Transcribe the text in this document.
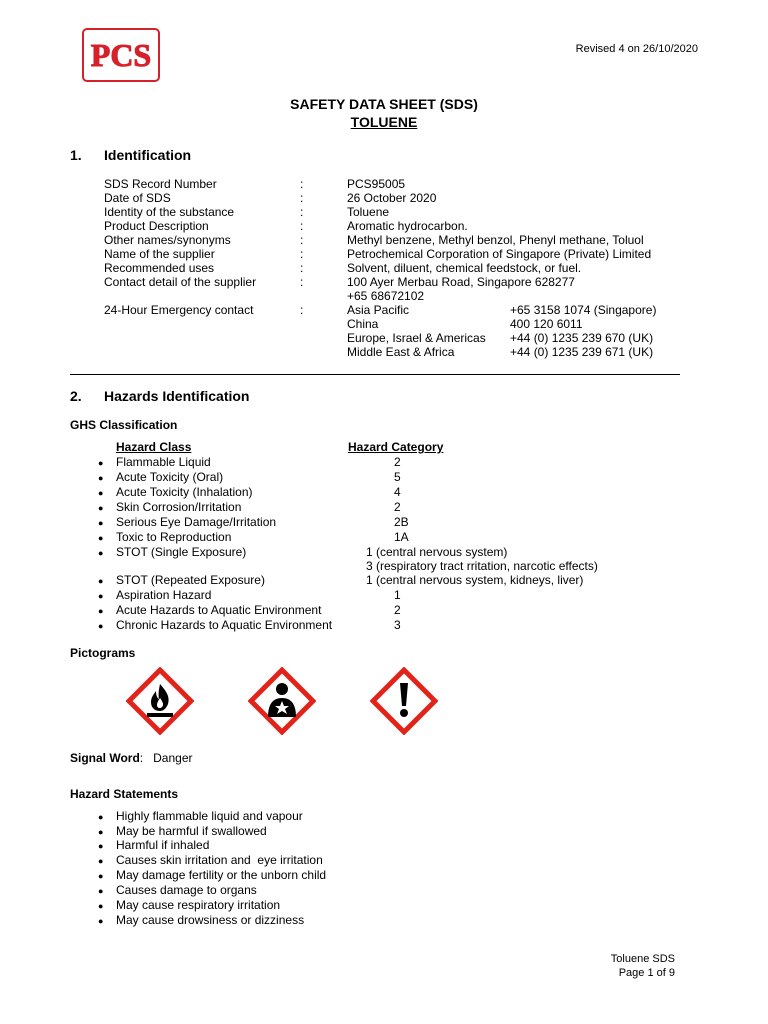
PCS	Revised 4 on 26/10/2020
SAFETY DATA SHEET (SDS)
TOLUENE
1. Identification
SDS Record Number	:	PCS95005
Date of SDS	:	26 October 2020
Identity of the substance	:	Toluene
Product Description	:	Aromatic hydrocarbon.
Other names/synonyms	:	Methyl benzene, Methyl benzol, Phenyl methane, Toluol
Name of the supplier	:	Petrochemical Corporation of Singapore (Private) Limited
Recommended uses	:	Solvent, diluent, chemical feedstock, or fuel.
Contact detail of the supplier	:	100 Ayer Merbau Road, Singapore 628277
+65 68672102
24-Hour Emergency contact	:	Asia Pacific	+65 3158 1074 (Singapore)
China	400 120 6011
Europe, Israel & Americas +44 (0) 1235 239 670 (UK)
Middle East & Africa	+44 (0) 1235 239 671 (UK)
2. Hazards Identification
GHS Classification
Hazard Class	Hazard Category
● Flammable Liquid	2
● Acute Toxicity (Oral)	5
● Acute Toxicity (Inhalation)	4
● Skin Corrosion/Irritation	2
● Serious Eye Damage/Irritation	2B
● Toxic to Reproduction	1A
● STOT (Single Exposure)	1 (central nervous system)
3 (respiratory tract rritation, narcotic effects)
● STOT (Repeated Exposure)	1 (central nervous system, kidneys, liver)
● Aspiration Hazard	1
● Acute Hazards to Aquatic Environment	2
● Chronic Hazards to Aquatic Environment	3
Pictograms
Signal Word: Danger
Hazard Statements
● Highly flammable liquid and vapour
● May be harmful if swallowed
● Harmful if inhaled
● Causes skin irritation and  eye irritation
● May damage fertility or the unborn child
● Causes damage to organs
● May cause respiratory irritation
● May cause drowsiness or dizziness
Toluene SDS
Page 1 of 9
